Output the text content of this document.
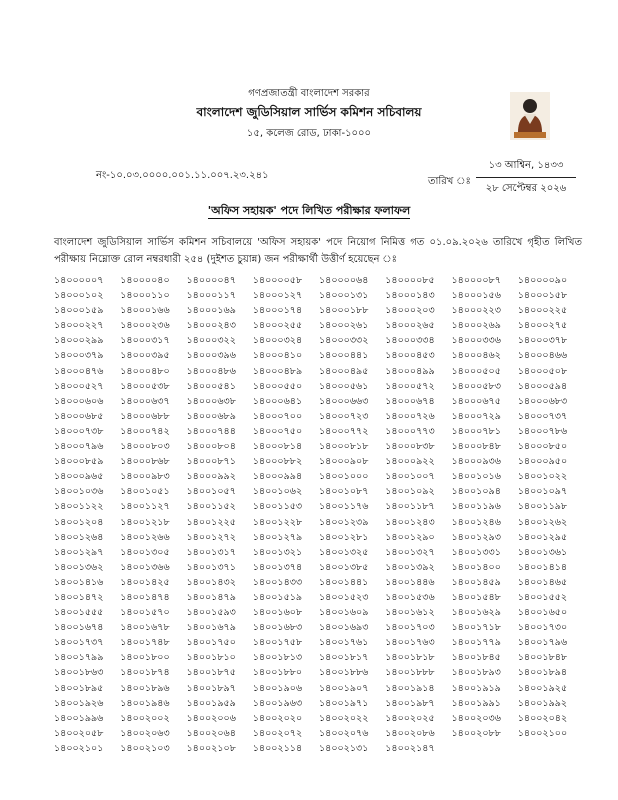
গণপ্রজাতন্ত্রী বাংলাদেশ সরকার
বাংলাদেশ জুডিসিয়াল সার্ভিস কমিশন সচিবালয়
১৫, কলেজ রোড, ঢাকা-১০০০
নং-১০.০৩.০০০০.০০১.১১.০০৭.২৩.২৪১
তারিখ ঃ
১৩ আশ্বিন, ১৪৩৩
২৮ সেপ্টেম্বর ২০২৬
'অফিস সহায়ক' পদে লিখিত পরীক্ষার ফলাফল
বাংলাদেশ জুডিসিয়াল সার্ভিস কমিশন সচিবালয়ে 'অফিস সহায়ক' পদে নিয়োগ নিমিত্ত গত ০১.০৯.২০২৬ তারিখে গৃহীত লিখিত পরীক্ষায় নিম্নোক্ত রোল নম্বরধারী ২৫৪ (দুইশত চুয়ান্ন) জন পরীক্ষার্থী উত্তীর্ণ হয়েছেন ঃ
১৪০০০০০৭	১৪০০০০৪০	১৪০০০০৪৭	১৪০০০০৫৮	১৪০০০০৬৪	১৪০০০০৮৫	১৪০০০০৮৭	১৪০০০০৯০
১৪০০০১০২	১৪০০০১১০	১৪০০০১১৭	১৪০০০১২৭	১৪০০০১৩১	১৪০০০১৪৩	১৪০০০১৫৬	১৪০০০১৫৮
১৪০০০১৫৯	১৪০০০১৬৬	১৪০০০১৬৯	১৪০০০১৭৪	১৪০০০১৮৮	১৪০০০২০৩	১৪০০০২২৩	১৪০০০২২৫
১৪০০০২২৭	১৪০০০২৩৬	১৪০০০২৪৩	১৪০০০২৫৫	১৪০০০২৬১	১৪০০০২৬৫	১৪০০০২৬৯	১৪০০০২৭৫
১৪০০০২৯৯	১৪০০০৩১৭	১৪০০০৩২২	১৪০০০৩২৪	১৪০০০৩৩২	১৪০০০৩৩৪	১৪০০০৩৩৬	১৪০০০৩৭৮
১৪০০০৩৭৯	১৪০০০৩৯৫	১৪০০০৩৯৬	১৪০০০৪১০	১৪০০০৪৪১	১৪০০০৪৫৩	১৪০০০৪৬২	১৪০০০৪৬৬
১৪০০০৪৭৬	১৪০০০৪৮০	১৪০০০৪৮৬	১৪০০০৪৮৯	১৪০০০৪৯৫	১৪০০০৪৯৯	১৪০০০৫০৫	১৪০০০৫০৮
১৪০০০৫২৭	১৪০০০৫৩৮	১৪০০০৫৪১	১৪০০০৫৫০	১৪০০০৫৬১	১৪০০০৫৭২	১৪০০০৫৮৩	১৪০০০৫৯৪
১৪০০০৬০৬	১৪০০০৬৩৭	১৪০০০৬৩৮	১৪০০০৬৪১	১৪০০০৬৬৩	১৪০০০৬৭৪	১৪০০০৬৭৫	১৪০০০৬৮৩
১৪০০০৬৮৫	১৪০০০৬৮৮	১৪০০০৬৮৯	১৪০০০৭০০	১৪০০০৭২৩	১৪০০০৭২৬	১৪০০০৭২৯	১৪০০০৭৩৭
১৪০০০৭৩৮	১৪০০০৭৪২	১৪০০০৭৪৪	১৪০০০৭৫০	১৪০০০৭৭২	১৪০০০৭৭৩	১৪০০০৭৮১	১৪০০০৭৮৬
১৪০০০৭৯৬	১৪০০০৮০৩	১৪০০০৮০৪	১৪০০০৮১৪	১৪০০০৮১৮	১৪০০০৮৩৮	১৪০০০৮৪৮	১৪০০০৮৫০
১৪০০০৮৫৯	১৪০০০৮৬৮	১৪০০০৮৭১	১৪০০০৮৮২	১৪০০০৯০৮	১৪০০০৯২২	১৪০০০৯৩৬	১৪০০০৯৫০
১৪০০০৯৬৫	১৪০০০৯৮৩	১৪০০০৯৯২	১৪০০০৯৯৪	১৪০০১০০০	১৪০০১০০৭	১৪০০১০১৬	১৪০০১০২২
১৪০০১০৩৬	১৪০০১০৫১	১৪০০১০৫৭	১৪০০১০৬২	১৪০০১০৮৭	১৪০০১০৯২	১৪০০১০৯৪	১৪০০১০৯৭
১৪০০১১২২	১৪০০১১২৭	১৪০০১১৫২	১৪০০১১৫৩	১৪০০১১৭৬	১৪০০১১৮৭	১৪০০১১৯৬	১৪০০১১৯৮
১৪০০১২০৪	১৪০০১২১৮	১৪০০১২২৫	১৪০০১২২৮	১৪০০১২৩৯	১৪০০১২৪৩	১৪০০১২৪৬	১৪০০১২৬২
১৪০০১২৬৪	১৪০০১২৬৬	১৪০০১২৭২	১৪০০১২৭৯	১৪০০১২৮১	১৪০০১২৯০	১৪০০১২৯৩	১৪০০১২৯৫
১৪০০১২৯৭	১৪০০১৩০৫	১৪০০১৩১৭	১৪০০১৩২১	১৪০০১৩২৫	১৪০০১৩২৭	১৪০০১৩৩১	১৪০০১৩৬১
১৪০০১৩৬২	১৪০০১৩৬৬	১৪০০১৩৭১	১৪০০১৩৭৪	১৪০০১৩৮৫	১৪০০১৩৯২	১৪০০১৪০০	১৪০০১৪১৪
১৪০০১৪১৬	১৪০০১৪২৫	১৪০০১৪৩২	১৪০০১৪৩৩	১৪০০১৪৪১	১৪০০১৪৪৬	১৪০০১৪৫৯	১৪০০১৪৬৫
১৪০০১৪৭২	১৪০০১৪৭৪	১৪০০১৪৭৯	১৪০০১৫১৯	১৪০০১৫২৩	১৪০০১৫৩৬	১৪০০১৫৪৮	১৪০০১৫৫২
১৪০০১৫৫৫	১৪০০১৫৭০	১৪০০১৫৯৩	১৪০০১৬০৮	১৪০০১৬০৯	১৪০০১৬১২	১৪০০১৬২৯	১৪০০১৬৫০
১৪০০১৬৭৪	১৪০০১৬৭৮	১৪০০১৬৭৯	১৪০০১৬৮৩	১৪০০১৬৯৩	১৪০০১৭০৩	১৪০০১৭১৮	১৪০০১৭৩০
১৪০০১৭৩৭	১৪০০১৭৪৮	১৪০০১৭৫০	১৪০০১৭৫৮	১৪০০১৭৬১	১৪০০১৭৬৩	১৪০০১৭৭৯	১৪০০১৭৯৬
১৪০০১৭৯৯	১৪০০১৮০০	১৪০০১৮১০	১৪০০১৮১৩	১৪০০১৮১৭	১৪০০১৮১৮	১৪০০১৮৪৫	১৪০০১৮৪৮
১৪০০১৮৬৩	১৪০০১৮৭৪	১৪০০১৮৭৫	১৪০০১৮৮০	১৪০০১৮৮৬	১৪০০১৮৮৮	১৪০০১৮৯৩	১৪০০১৮৯৪
১৪০০১৮৯৫	১৪০০১৮৯৬	১৪০০১৮৯৭	১৪০০১৯০৬	১৪০০১৯০৭	১৪০০১৯১৪	১৪০০১৯১৯	১৪০০১৯২৫
১৪০০১৯২৬	১৪০০১৯৪৬	১৪০০১৯৫৯	১৪০০১৯৬৩	১৪০০১৯৭১	১৪০০১৯৮৭	১৪০০১৯৯১	১৪০০১৯৯২
১৪০০১৯৯৬	১৪০০২০০২	১৪০০২০০৬	১৪০০২০২০	১৪০০২০২২	১৪০০২০২৫	১৪০০২০৩৬	১৪০০২০৪২
১৪০০২০৫৮	১৪০০২০৬৩	১৪০০২০৬৪	১৪০০২০৭২	১৪০০২০৭৬	১৪০০২০৮৬	১৪০০২০৮৮	১৪০০২১০০
১৪০০২১০১	১৪০০২১০৩	১৪০০২১০৮	১৪০০২১১৪	১৪০০২১৩১	১৪০০২১৪৭
